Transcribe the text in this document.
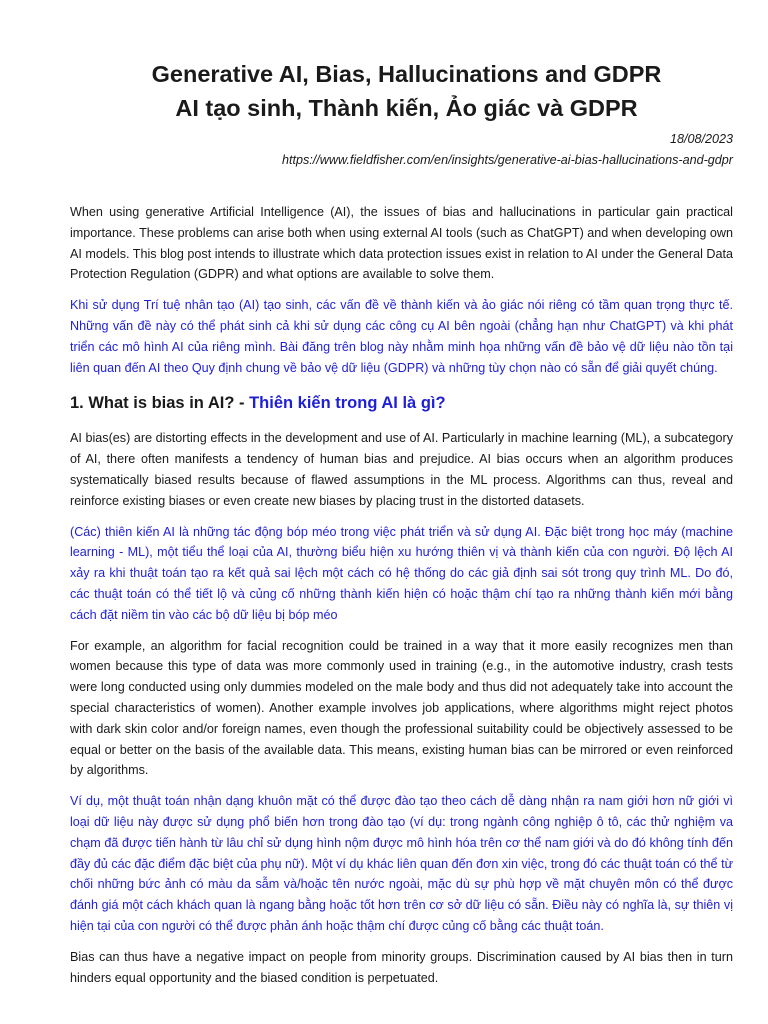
Generative AI, Bias, Hallucinations and GDPR
AI tạo sinh, Thành kiến, Ảo giác và GDPR
18/08/2023
https://www.fieldfisher.com/en/insights/generative-ai-bias-hallucinations-and-gdpr

When using generative Artificial Intelligence (AI), the issues of bias and hallucinations in particular gain practical importance. These problems can arise both when using external AI tools (such as ChatGPT) and when developing own AI models. This blog post intends to illustrate which data protection issues exist in relation to AI under the General Data Protection Regulation (GDPR) and what options are available to solve them.

Khi sử dụng Trí tuệ nhân tạo (AI) tạo sinh, các vấn đề về thành kiến và ảo giác nói riêng có tầm quan trọng thực tế. Những vấn đề này có thể phát sinh cả khi sử dụng các công cụ AI bên ngoài (chẳng hạn như ChatGPT) và khi phát triển các mô hình AI của riêng mình. Bài đăng trên blog này nhằm minh họa những vấn đề bảo vệ dữ liệu nào tồn tại liên quan đến AI theo Quy định chung về bảo vệ dữ liệu (GDPR) và những tùy chọn nào có sẵn để giải quyết chúng.

1. What is bias in AI? - Thiên kiến trong AI là gì?

AI bias(es) are distorting effects in the development and use of AI. Particularly in machine learning (ML), a subcategory of AI, there often manifests a tendency of human bias and prejudice. AI bias occurs when an algorithm produces systematically biased results because of flawed assumptions in the ML process. Algorithms can thus, reveal and reinforce existing biases or even create new biases by placing trust in the distorted datasets.

(Các) thiên kiến AI là những tác động bóp méo trong việc phát triển và sử dụng AI. Đặc biệt trong học máy (machine learning - ML), một tiểu thể loại của AI, thường biểu hiện xu hướng thiên vị và thành kiến của con người. Độ lệch AI xảy ra khi thuật toán tạo ra kết quả sai lệch một cách có hệ thống do các giả định sai sót trong quy trình ML. Do đó, các thuật toán có thể tiết lộ và củng cố những thành kiến hiện có hoặc thậm chí tạo ra những thành kiến mới bằng cách đặt niềm tin vào các bộ dữ liệu bị bóp méo

For example, an algorithm for facial recognition could be trained in a way that it more easily recognizes men than women because this type of data was more commonly used in training (e.g., in the automotive industry, crash tests were long conducted using only dummies modeled on the male body and thus did not adequately take into account the special characteristics of women). Another example involves job applications, where algorithms might reject photos with dark skin color and/or foreign names, even though the professional suitability could be objectively assessed to be equal or better on the basis of the available data. This means, existing human bias can be mirrored or even reinforced by algorithms.

Ví dụ, một thuật toán nhận dạng khuôn mặt có thể được đào tạo theo cách dễ dàng nhận ra nam giới hơn nữ giới vì loại dữ liệu này được sử dụng phổ biến hơn trong đào tạo (ví dụ: trong ngành công nghiệp ô tô, các thử nghiệm va chạm đã được tiến hành từ lâu chỉ sử dụng hình nộm được mô hình hóa trên cơ thể nam giới và do đó không tính đến đầy đủ các đặc điểm đặc biệt của phụ nữ). Một ví dụ khác liên quan đến đơn xin việc, trong đó các thuật toán có thể từ chối những bức ảnh có màu da sẫm và/hoặc tên nước ngoài, mặc dù sự phù hợp về mặt chuyên môn có thể được đánh giá một cách khách quan là ngang bằng hoặc tốt hơn trên cơ sở dữ liệu có sẵn. Điều này có nghĩa là, sự thiên vị hiện tại của con người có thể được phản ánh hoặc thậm chí được củng cố bằng các thuật toán.

Bias can thus have a negative impact on people from minority groups. Discrimination caused by AI bias then in turn hinders equal opportunity and the biased condition is perpetuated.
